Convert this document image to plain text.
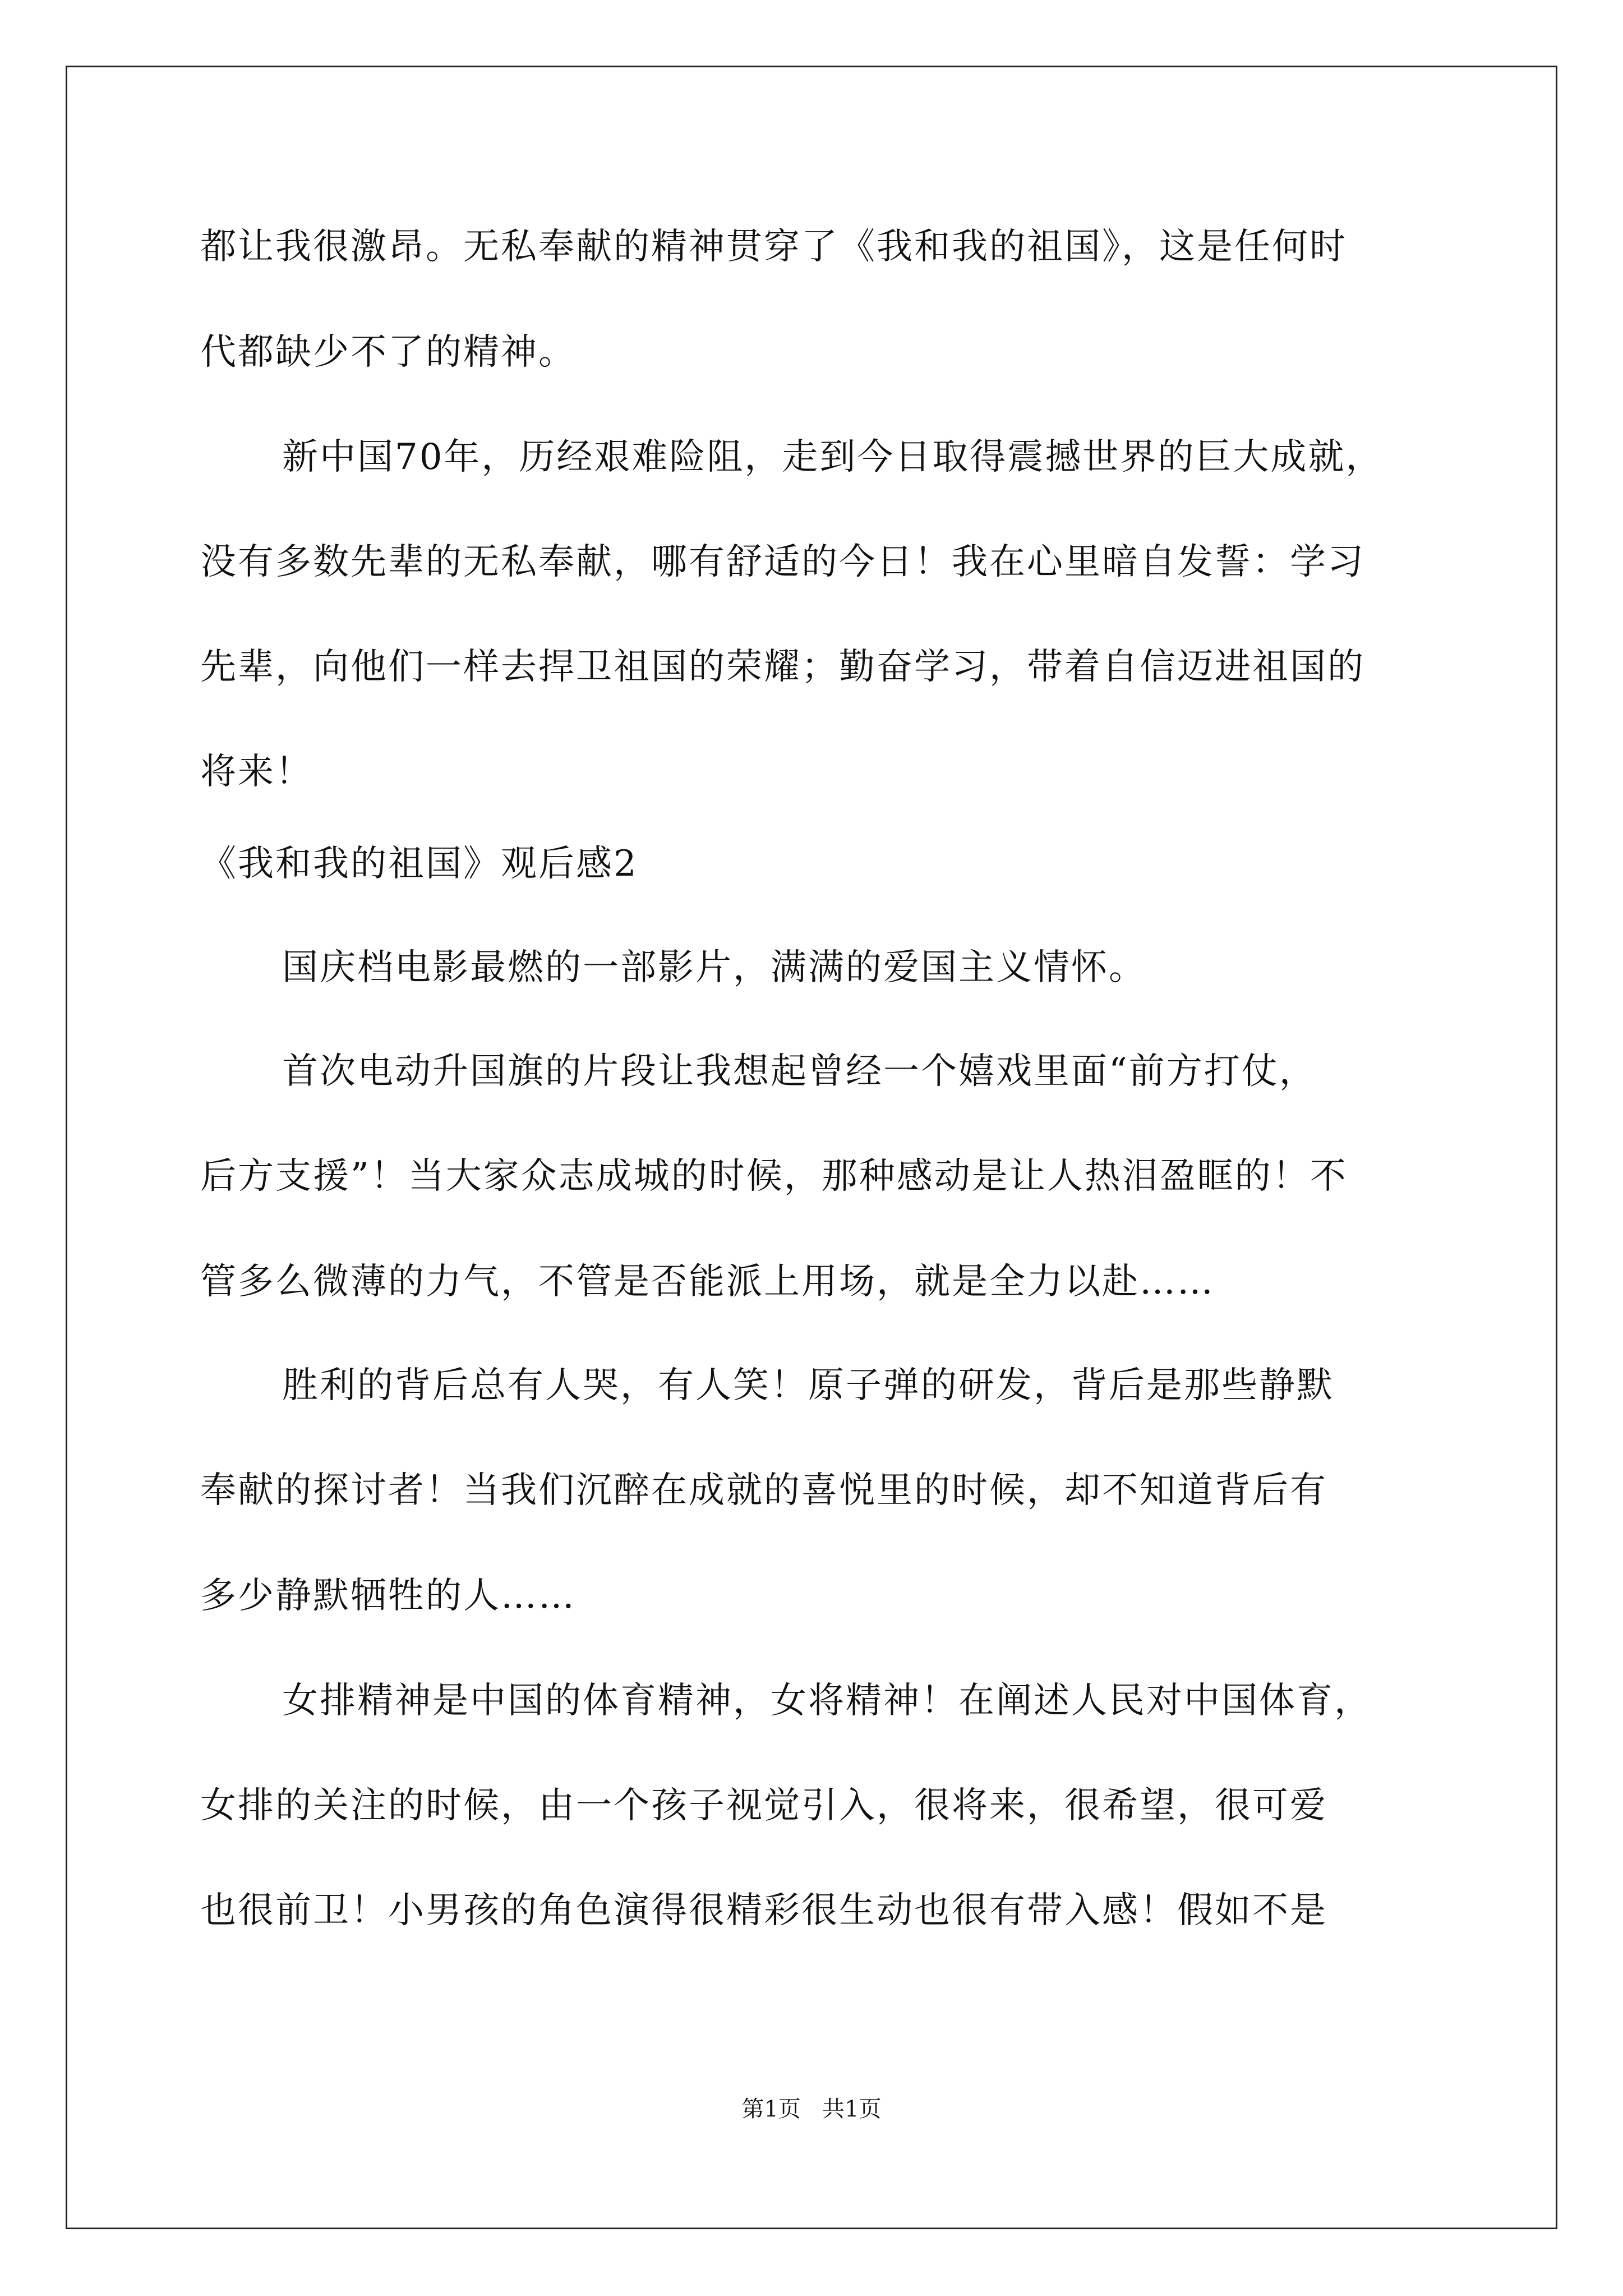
都让我很激昂。无私奉献的精神贯穿了《我和我的祖国》，这是任何时
代都缺少不了的精神。
新中国70年，历经艰难险阻，走到今日取得震撼世界的巨大成就，
没有多数先辈的无私奉献，哪有舒适的今日！我在心里暗自发誓：学习
先辈，向他们一样去捍卫祖国的荣耀；勤奋学习，带着自信迈进祖国的
将来！
《我和我的祖国》观后感2
国庆档电影最燃的一部影片，满满的爱国主义情怀。
首次电动升国旗的片段让我想起曾经一个嬉戏里面“前方打仗，
后方支援”！当大家众志成城的时候，那种感动是让人热泪盈眶的！不
管多么微薄的力气，不管是否能派上用场，就是全力以赴……
胜利的背后总有人哭，有人笑！原子弹的研发，背后是那些静默
奉献的探讨者！当我们沉醉在成就的喜悦里的时候，却不知道背后有
多少静默牺牲的人……
女排精神是中国的体育精神，女将精神！在阐述人民对中国体育，
女排的关注的时候，由一个孩子视觉引入，很将来，很希望，很可爱
也很前卫！小男孩的角色演得很精彩很生动也很有带入感！假如不是
第1页   共1页
